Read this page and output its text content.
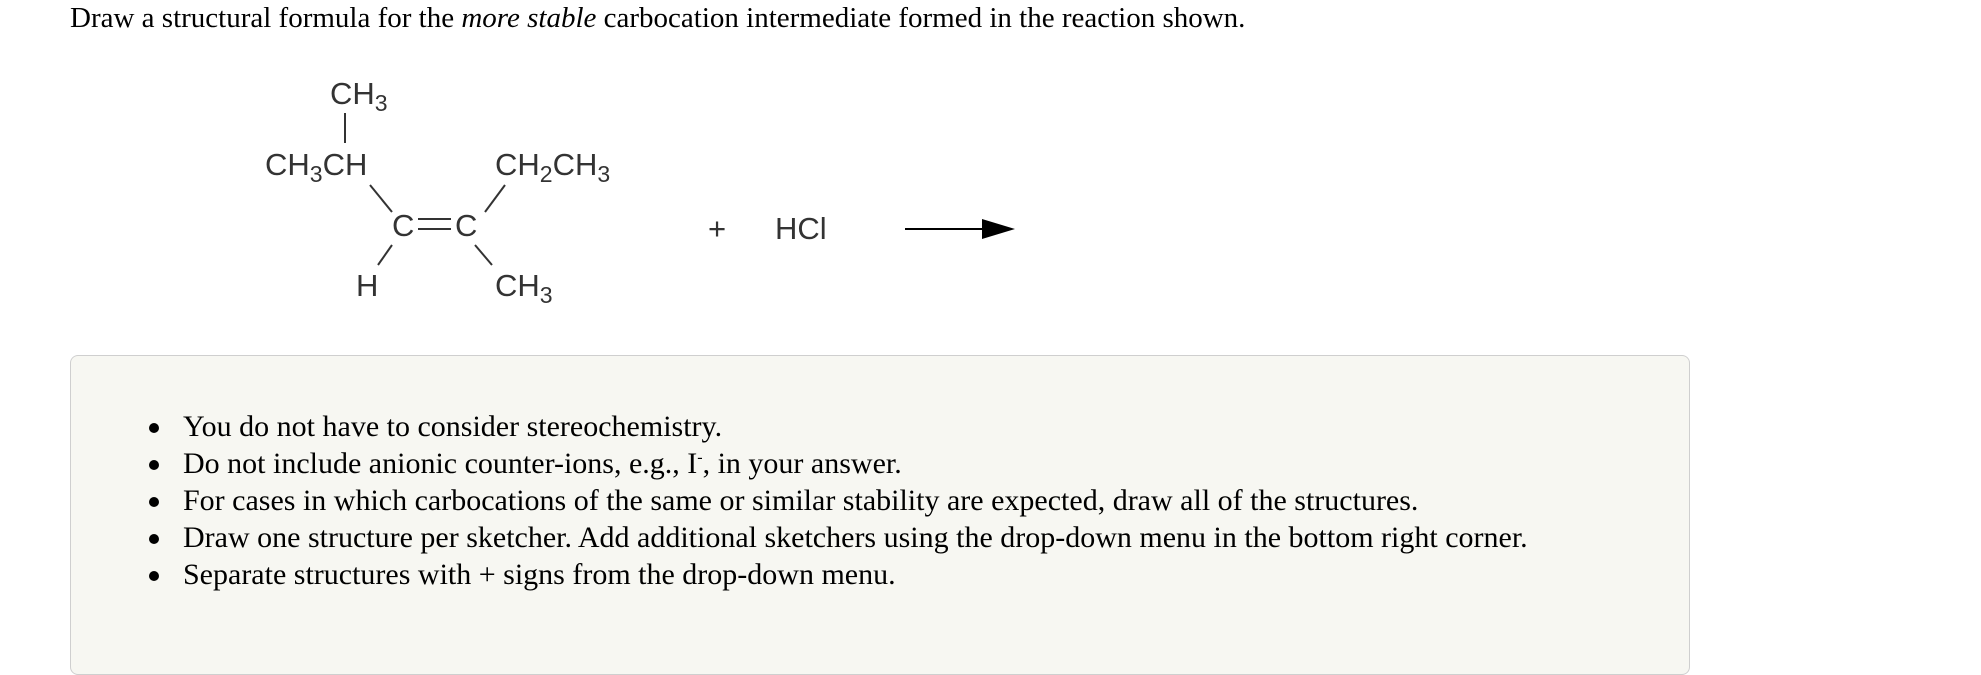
Draw a structural formula for the more stable carbocation intermediate formed in the reaction shown.
$CH_3$
$CH_3CH$	$CH_2CH_3$
C C
H	$CH_3$
+ HCl
You do not have to consider stereochemistry.
Do not include anionic counter-ions, e.g., I-, in your answer.
For cases in which carbocations of the same or similar stability are expected, draw all of the structures.
Draw one structure per sketcher. Add additional sketchers using the drop-down menu in the bottom right corner.
Separate structures with + signs from the drop-down menu.
